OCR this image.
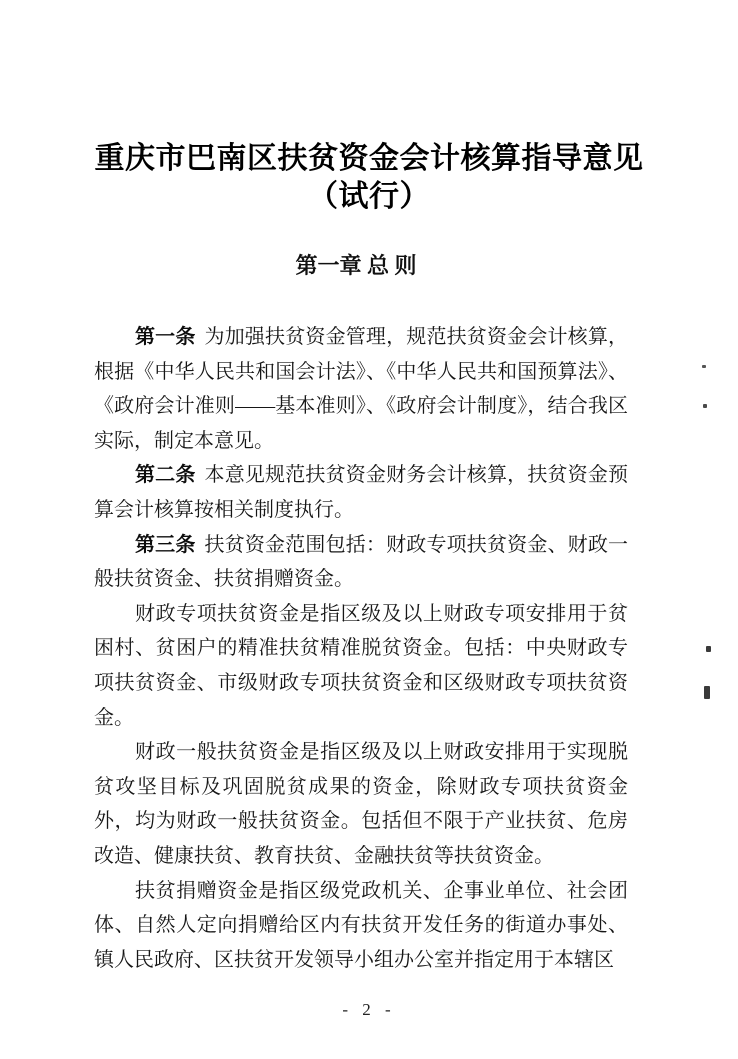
重庆市巴南区扶贫资金会计核算指导意见
（试行）
第一章 总 则

第一条 为加强扶贫资金管理，规范扶贫资金会计核算，根据《中华人民共和国会计法》、《中华人民共和国预算法》、《政府会计准则——基本准则》、《政府会计制度》，结合我区实际，制定本意见。

第二条 本意见规范扶贫资金财务会计核算，扶贫资金预算会计核算按相关制度执行。

第三条 扶贫资金范围包括：财政专项扶贫资金、财政一般扶贫资金、扶贫捐赠资金。

财政专项扶贫资金是指区级及以上财政专项安排用于贫困村、贫困户的精准扶贫精准脱贫资金。包括：中央财政专项扶贫资金、市级财政专项扶贫资金和区级财政专项扶贫资金。

财政一般扶贫资金是指区级及以上财政安排用于实现脱贫攻坚目标及巩固脱贫成果的资金，除财政专项扶贫资金外，均为财政一般扶贫资金。包括但不限于产业扶贫、危房改造、健康扶贫、教育扶贫、金融扶贫等扶贫资金。

扶贫捐赠资金是指区级党政机关、企事业单位、社会团体、自然人定向捐赠给区内有扶贫开发任务的街道办事处、镇人民政府、区扶贫开发领导小组办公室并指定用于本辖区

- 2 -
